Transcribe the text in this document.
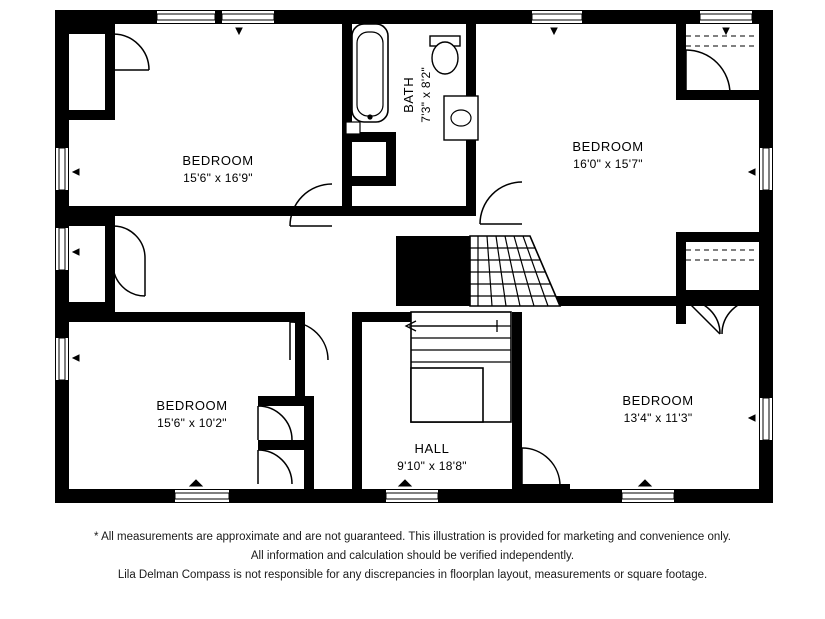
BEDROOM
15'6" x 16'9"
BATH 7'3" x 8'2"
BEDROOM
16'0" x 15'7"
BEDROOM
15'6" x 10'2"
HALL
9'10" x 18'8"
BEDROOM
13'4" x 11'3"
* All measurements are approximate and are not guaranteed. This illustration is provided for marketing and convenience only.
All information and calculation should be verified independently.
Lila Delman Compass is not responsible for any discrepancies in floorplan layout, measurements or square footage.
